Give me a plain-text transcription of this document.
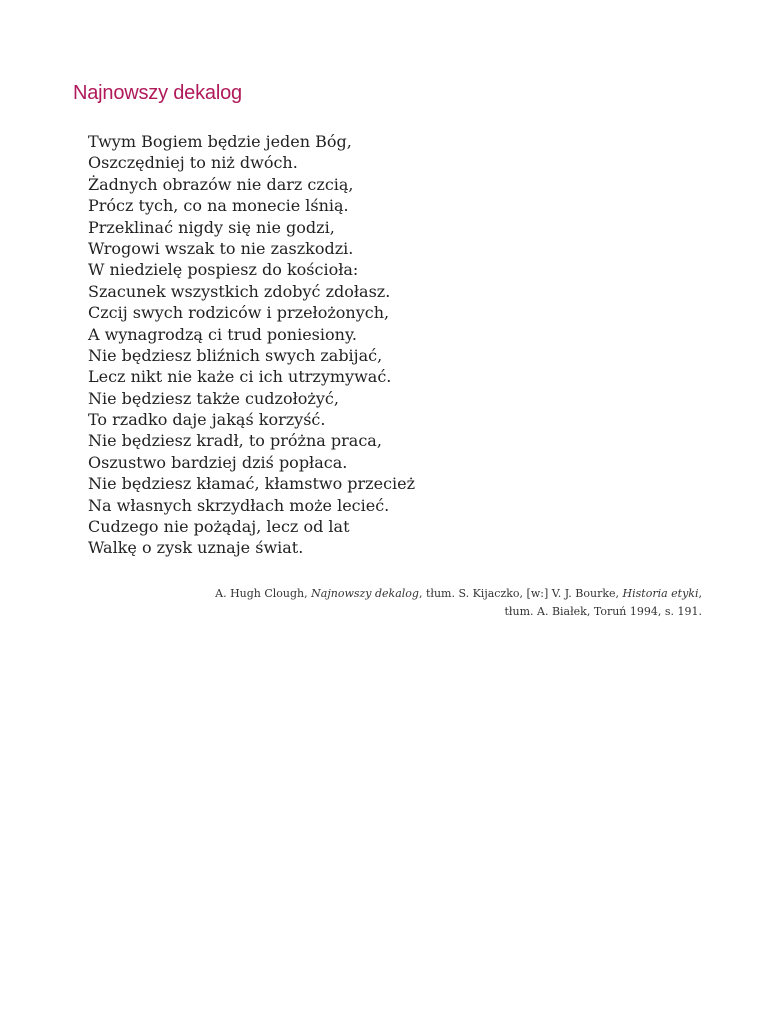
Najnowszy dekalog
Twym Bogiem będzie jeden Bóg,
Oszczędniej to niż dwóch.
Żadnych obrazów nie darz czcią,
Prócz tych, co na monecie lśnią.
Przeklinać nigdy się nie godzi,
Wrogowi wszak to nie zaszkodzi.
W niedzielę pospiesz do kościoła:
Szacunek wszystkich zdobyć zdołasz.
Czcij swych rodziców i przełożonych,
A wynagrodzą ci trud poniesiony.
Nie będziesz bliźnich swych zabijać,
Lecz nikt nie każe ci ich utrzymywać.
Nie będziesz także cudzołożyć,
To rzadko daje jakąś korzyść.
Nie będziesz kradł, to próżna praca,
Oszustwo bardziej dziś popłaca.
Nie będziesz kłamać, kłamstwo przecież
Na własnych skrzydłach może lecieć.
Cudzego nie pożądaj, lecz od lat
Walkę o zysk uznaje świat.
A. Hugh Clough, Najnowszy dekalog, tłum. S. Kijaczko, [w:] V. J. Bourke, Historia etyki,
tłum. A. Białek, Toruń 1994, s. 191.
